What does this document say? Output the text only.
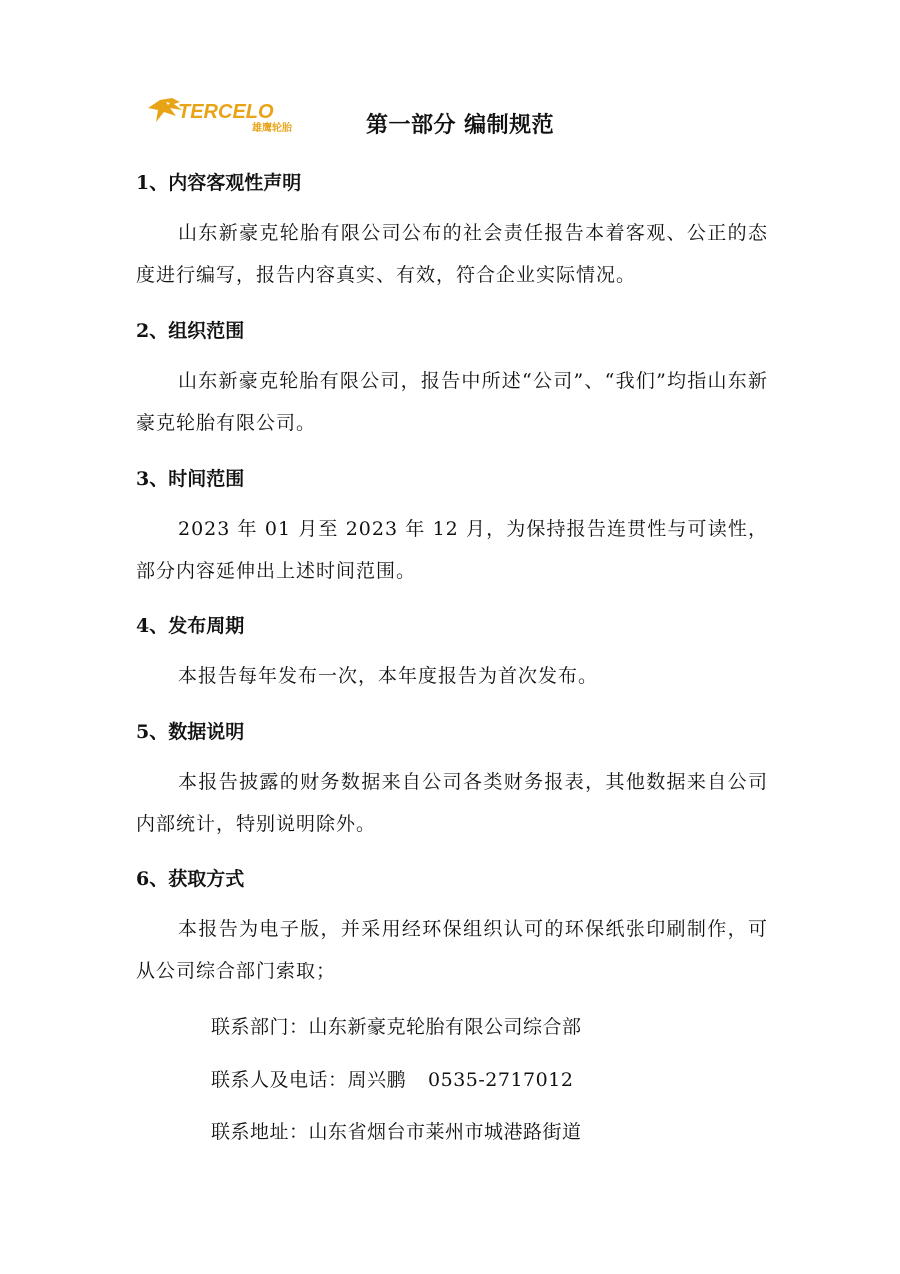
TERCELO
雄鹰轮胎	第一部分 编制规范
1、内容客观性声明
山东新豪克轮胎有限公司公布的社会责任报告本着客观、公正的态度进行编写，报告内容真实、有效，符合企业实际情况。
2、组织范围
山东新豪克轮胎有限公司，报告中所述“公司”、“我们”均指山东新豪克轮胎有限公司。
3、时间范围
2023 年 01 月至 2023 年 12 月，为保持报告连贯性与可读性，部分内容延伸出上述时间范围。
4、发布周期
本报告每年发布一次，本年度报告为首次发布。
5、数据说明
本报告披露的财务数据来自公司各类财务报表，其他数据来自公司内部统计，特别说明除外。
6、获取方式
本报告为电子版，并采用经环保组织认可的环保纸张印刷制作，可从公司综合部门索取；
联系部门：山东新豪克轮胎有限公司综合部
联系人及电话：周兴鹏 0535-2717012
联系地址：山东省烟台市莱州市城港路街道
